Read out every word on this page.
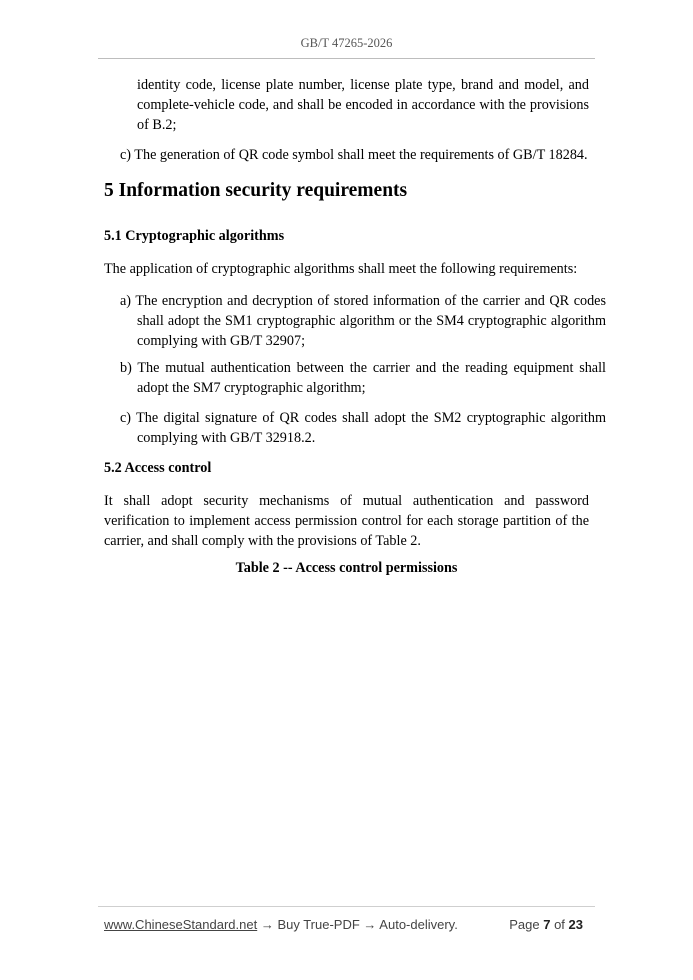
GB/T 47265-2026
identity code, license plate number, license plate type, brand and model, and complete-vehicle code, and shall be encoded in accordance with the provisions of B.2;
c) The generation of QR code symbol shall meet the requirements of GB/T 18284.
5 Information security requirements
5.1 Cryptographic algorithms
The application of cryptographic algorithms shall meet the following requirements:
a) The encryption and decryption of stored information of the carrier and QR codes shall adopt the SM1 cryptographic algorithm or the SM4 cryptographic algorithm complying with GB/T 32907;
b) The mutual authentication between the carrier and the reading equipment shall adopt the SM7 cryptographic algorithm;
c) The digital signature of QR codes shall adopt the SM2 cryptographic algorithm complying with GB/T 32918.2.
5.2 Access control
It shall adopt security mechanisms of mutual authentication and password verification to implement access permission control for each storage partition of the carrier, and shall comply with the provisions of Table 2.
Table 2 -- Access control permissions
www.ChineseStandard.net → Buy True-PDF → Auto-delivery.	Page 7 of 23
